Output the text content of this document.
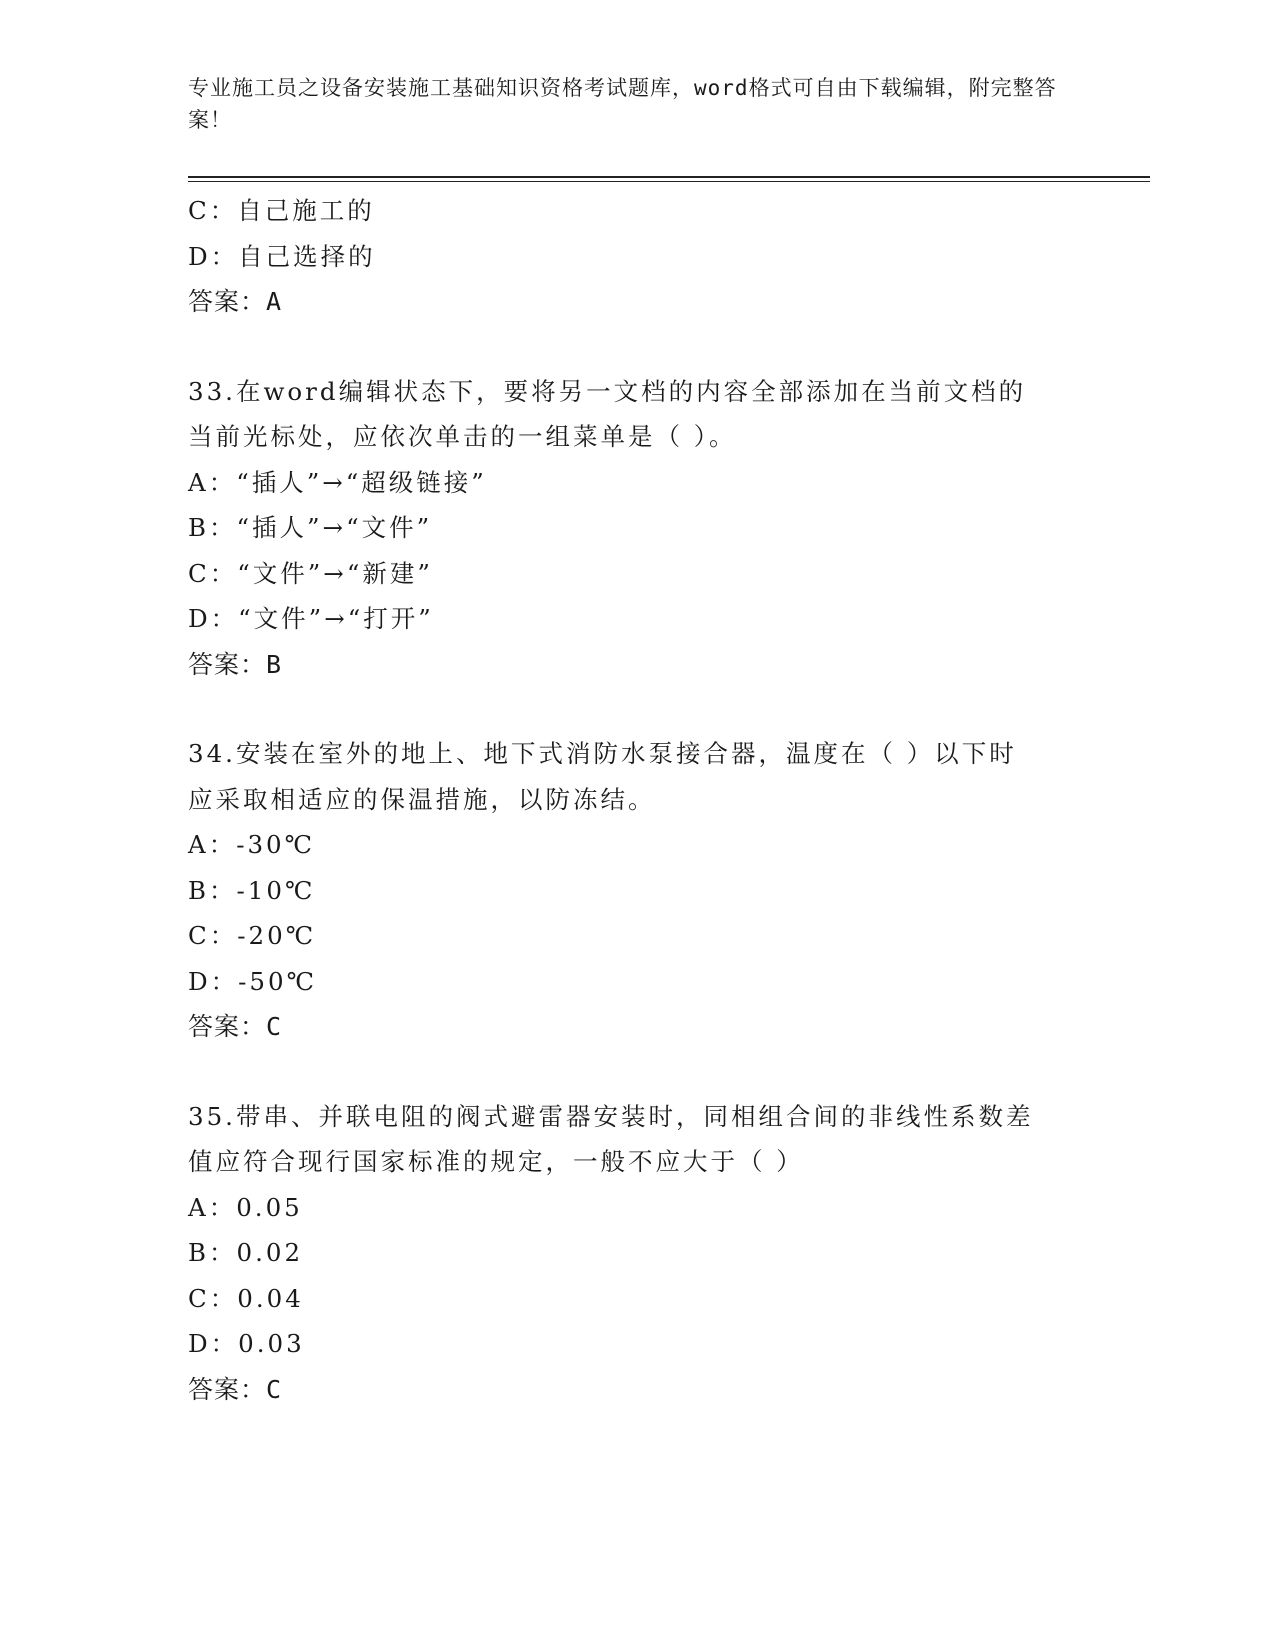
专业施工员之设备安装施工基础知识资格考试题库，word格式可自由下载编辑，附完整答案！
C：自己施工的
D：自己选择的
答案：A
33.在word编辑状态下，要将另一文档的内容全部添加在当前文档的
当前光标处，应依次单击的一组菜单是（ ）。
A：“插人”→“超级链接”
B：“插人”→“文件”
C：“文件”→“新建”
D：“文件”→“打开”
答案：B
34.安装在室外的地上、地下式消防水泵接合器，温度在（ ）以下时
应采取相适应的保温措施，以防冻结。
A：-30℃
B：-10℃
C：-20℃
D：-50℃
答案：C
35.带串、并联电阻的阀式避雷器安装时，同相组合间的非线性系数差
值应符合现行国家标准的规定，一般不应大于（ ）
A：0.05
B：0.02
C：0.04
D：0.03
答案：C
